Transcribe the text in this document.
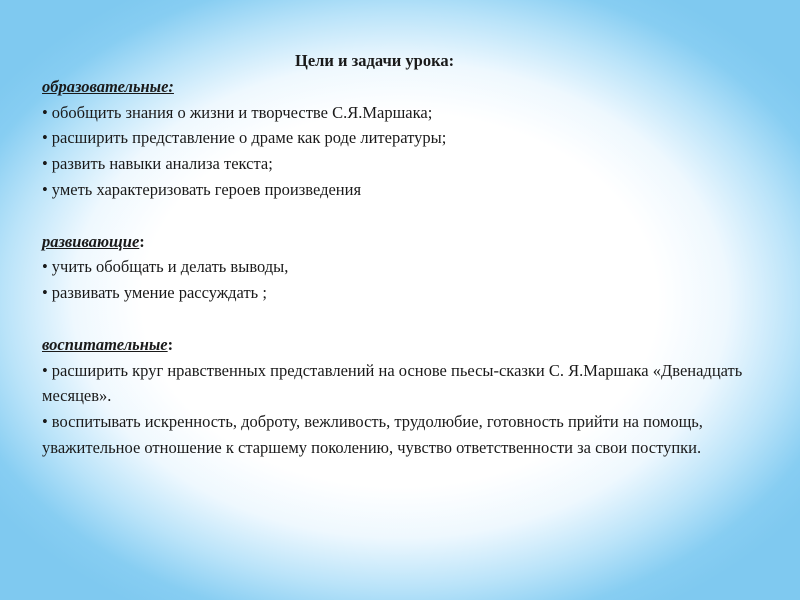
Цели и задачи урока:

образовательные:
• обобщить знания о жизни и творчестве С.Я.Маршака;
• расширить представление о драме как роде литературы;
• развить навыки анализа текста;
• уметь характеризовать героев произведения
развивающие:
• учить обобщать и делать выводы,
• развивать умение рассуждать ;
воспитательные:
• расширить круг нравственных представлений на основе пьесы-сказки С. Я.Маршака «Двенадцать месяцев».
• воспитывать искренность, доброту, вежливость, трудолюбие, готовность прийти на помощь, уважительное отношение к старшему поколению, чувство ответственности за свои поступки.
